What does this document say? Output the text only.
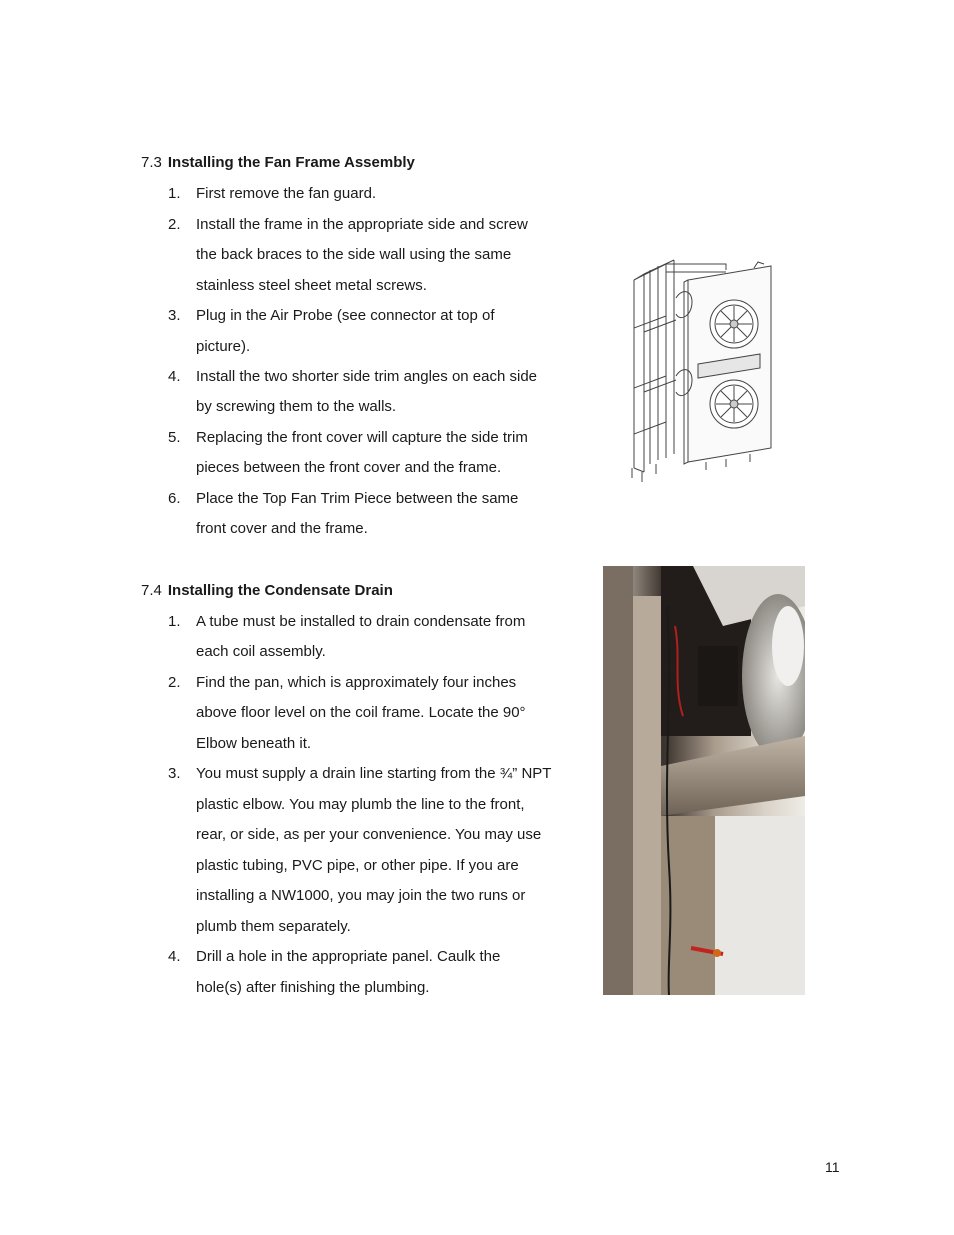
7.3 Installing the Fan Frame Assembly
1. First remove the fan guard.
2. Install the frame in the appropriate side and screw
the back braces to the side wall using the same
stainless steel sheet metal screws.
3. Plug in the Air Probe (see connector at top of
picture).
4. Install the two shorter side trim angles on each side
by screwing them to the walls.
5. Replacing the front cover will capture the side trim
pieces between the front cover and the frame.
6. Place the Top Fan Trim Piece between the same
front cover and the frame.
7.4 Installing the Condensate Drain
1. A tube must be installed to drain condensate from
each coil assembly.
2. Find the pan, which is approximately four inches
above floor level on the coil frame. Locate the 90°
Elbow beneath it.
3. You must supply a drain line starting from the ¾” NPT
plastic elbow. You may plumb the line to the front,
rear, or side, as per your convenience. You may use
plastic tubing, PVC pipe, or other pipe. If you are
installing a NW1000, you may join the two runs or
plumb them separately.
4. Drill a hole in the appropriate panel. Caulk the
hole(s) after finishing the plumbing.
11
